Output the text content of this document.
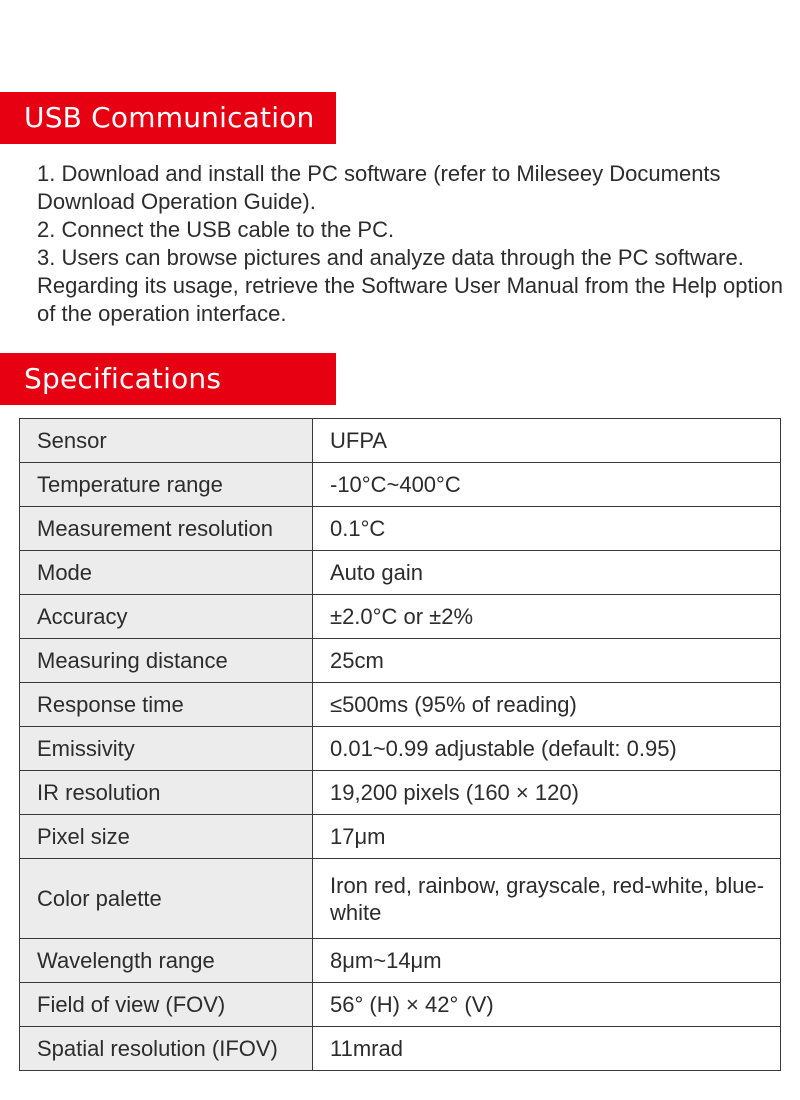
USB Communication

1. Download and install the PC software (refer to Mileseey Documents Download Operation Guide).

2. Connect the USB cable to the PC.

3. Users can browse pictures and analyze data through the PC software. Regarding its usage, retrieve the Software User Manual from the Help option of the operation interface.

Specifications
Sensor	UFPA
Temperature range	-10°C~400°C
Measurement resolution	0.1°C
Mode	Auto gain
Accuracy	±2.0°C or ±2%
Measuring distance	25cm
Response time	≤500ms (95% of reading)
Emissivity	0.01~0.99 adjustable (default: 0.95)
IR resolution	19,200 pixels (160 × 120)
Pixel size	17μm
Color palette	Iron red, rainbow, grayscale, red-white, blue-white
Wavelength range	8μm~14μm
Field of view (FOV)	56° (H) × 42° (V)
Spatial resolution (IFOV)	11mrad
